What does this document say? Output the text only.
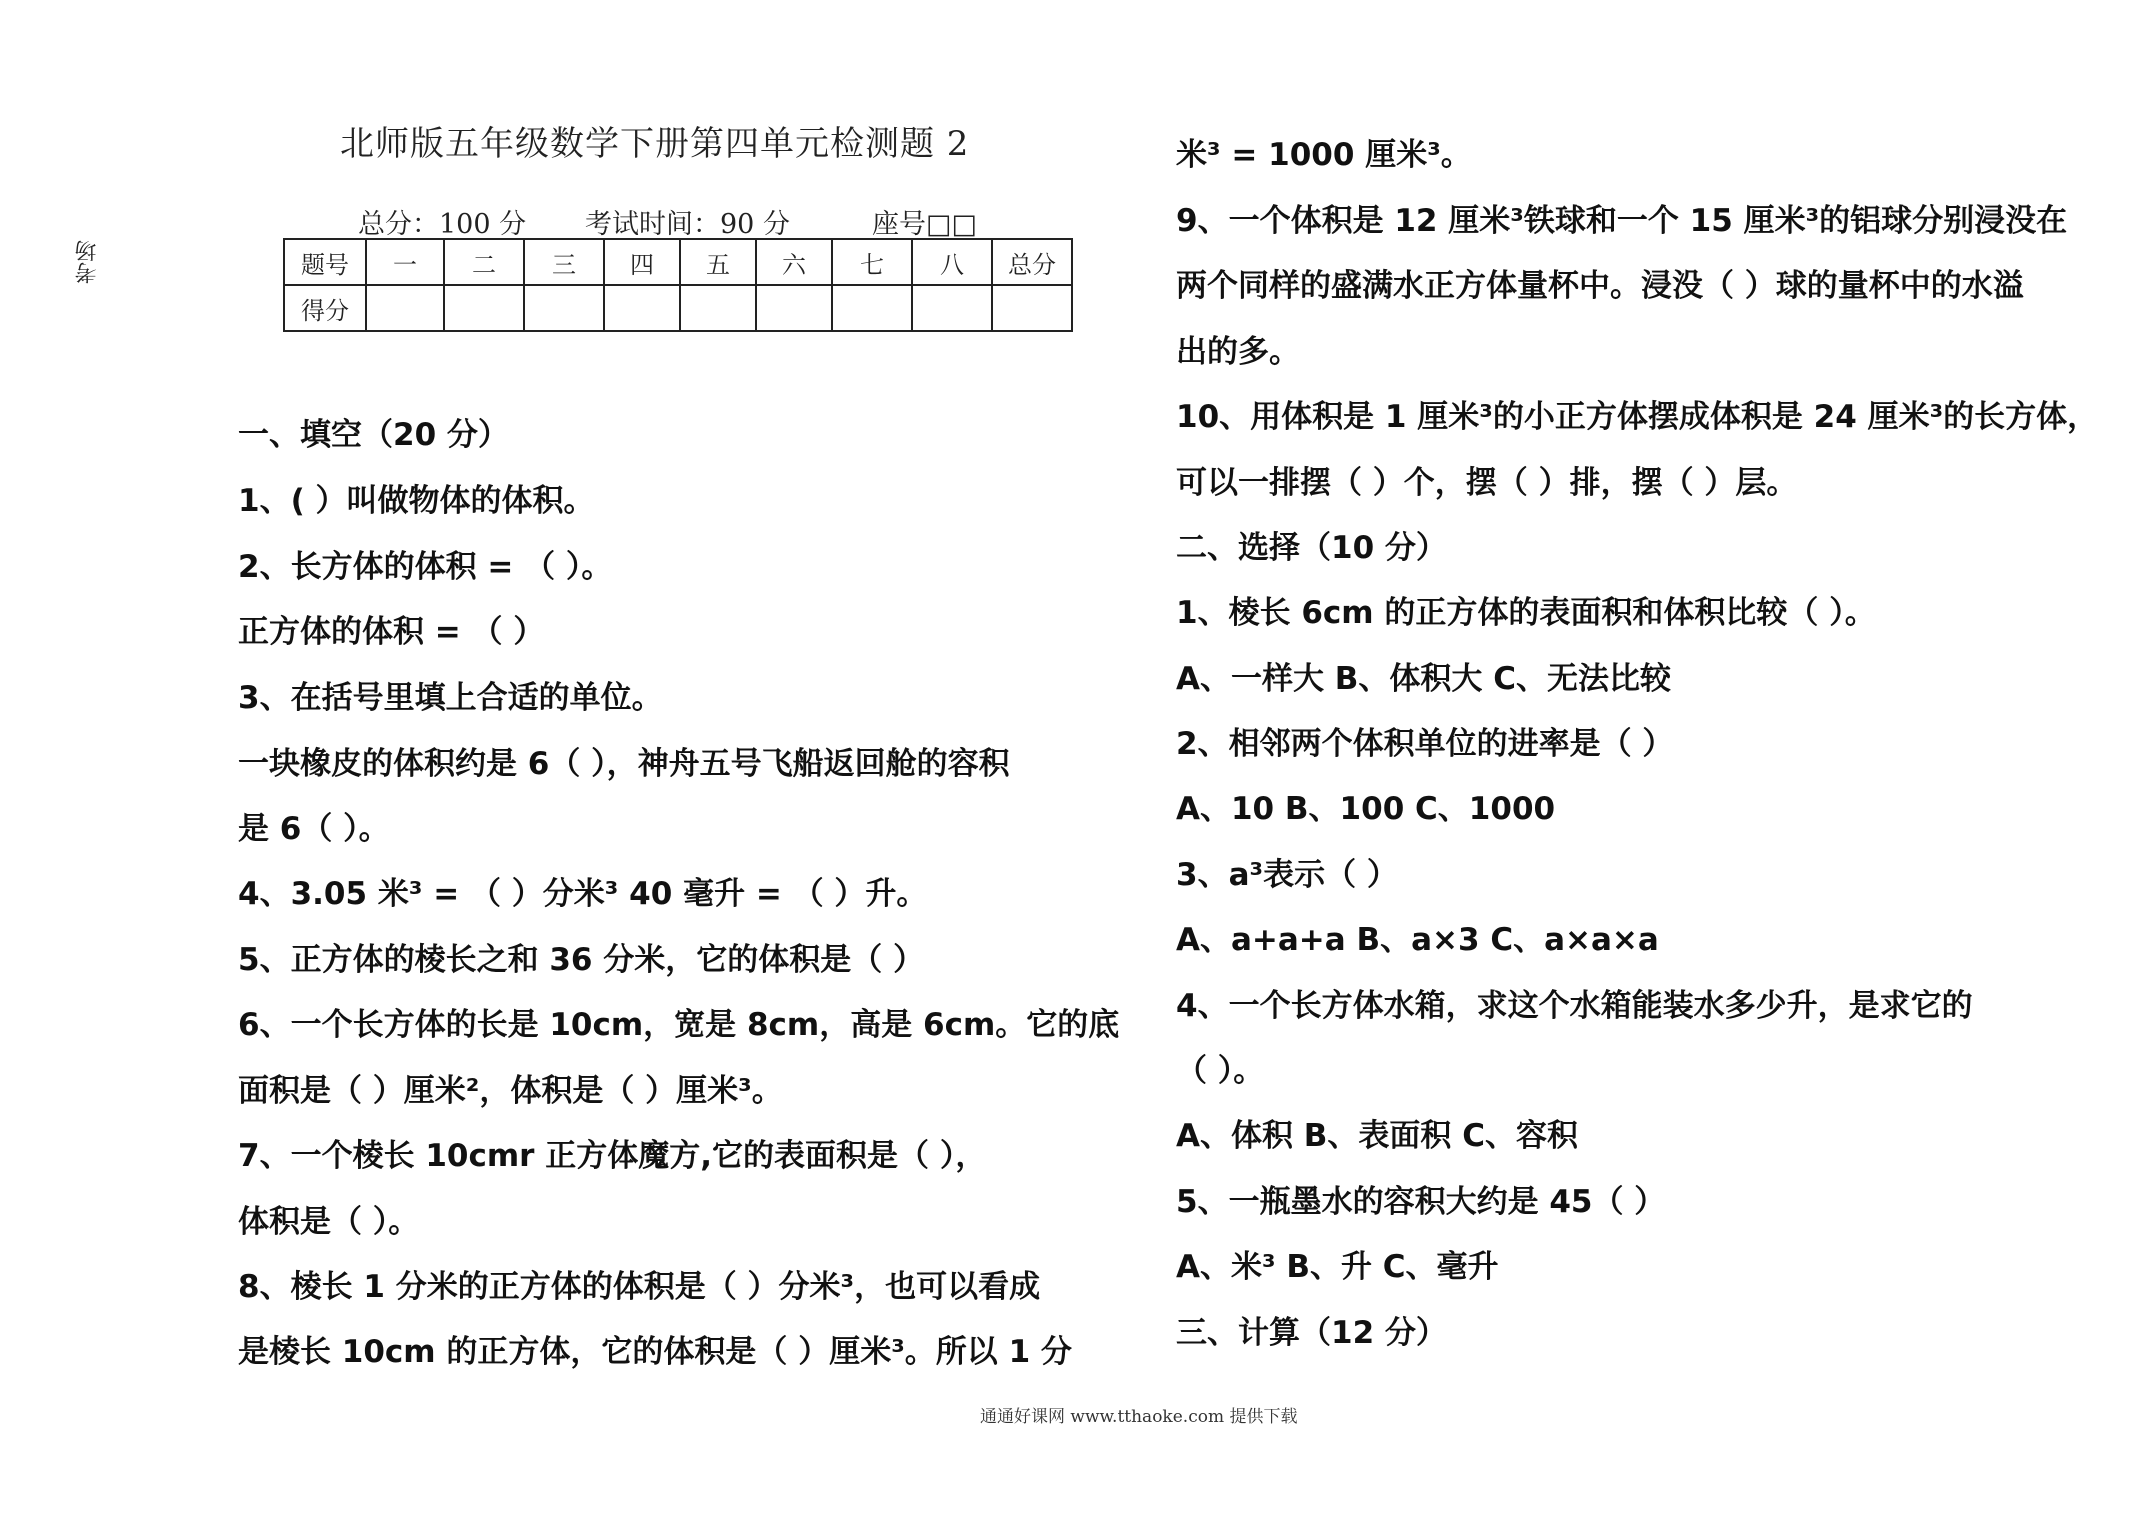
考场
北师版五年级数学下册第四单元检测题 2
总分：100 分 考试时间：90 分	座号□□
题号	一	二	三	四	五	六	七	八	总分
得分									
一、填空（20 分）
1、( ）叫做物体的体积。
2、长方体的体积 = （ ）。
正方体的体积 = （ ）
3、在括号里填上合适的单位。
一块橡皮的体积约是 6（ ），神舟五号飞船返回舱的容积
是 6（ ）。
4、3.05 米³ = （ ）分米³ 40 毫升 = （ ）升。
5、正方体的棱长之和 36 分米，它的体积是（ ）
6、一个长方体的长是 10cm，宽是 8cm，高是 6cm。它的底
面积是（ ）厘米²，体积是（ ）厘米³。
7、一个棱长 10cmr 正方体魔方,它的表面积是（ ），
体积是（ ）。
8、棱长 1 分米的正方体的体积是（ ）分米³，也可以看成
是棱长 10cm 的正方体，它的体积是（ ）厘米³。所以 1 分
米³ = 1000 厘米³。
9、一个体积是 12 厘米³铁球和一个 15 厘米³的铝球分别浸没在
两个同样的盛满水正方体量杯中。浸没（ ）球的量杯中的水溢
出的多。
10、用体积是 1 厘米³的小正方体摆成体积是 24 厘米³的长方体，
可以一排摆（ ）个，摆（ ）排，摆（ ）层。
二、选择（10 分）
1、棱长 6cm 的正方体的表面积和体积比较（ ）。
A、一样大 B、体积大 C、无法比较
2、相邻两个体积单位的进率是（ ）
A、10 B、100 C、1000
3、a³表示（ ）
A、a+a+a B、a×3 C、a×a×a
4、一个长方体水箱，求这个水箱能装水多少升，是求它的
（ ）。
A、体积 B、表面积 C、容积
5、一瓶墨水的容积大约是 45（ ）
A、米³ B、升 C、毫升
三、计算（12 分）
通通好课网 www.tthaoke.com 提供下载
